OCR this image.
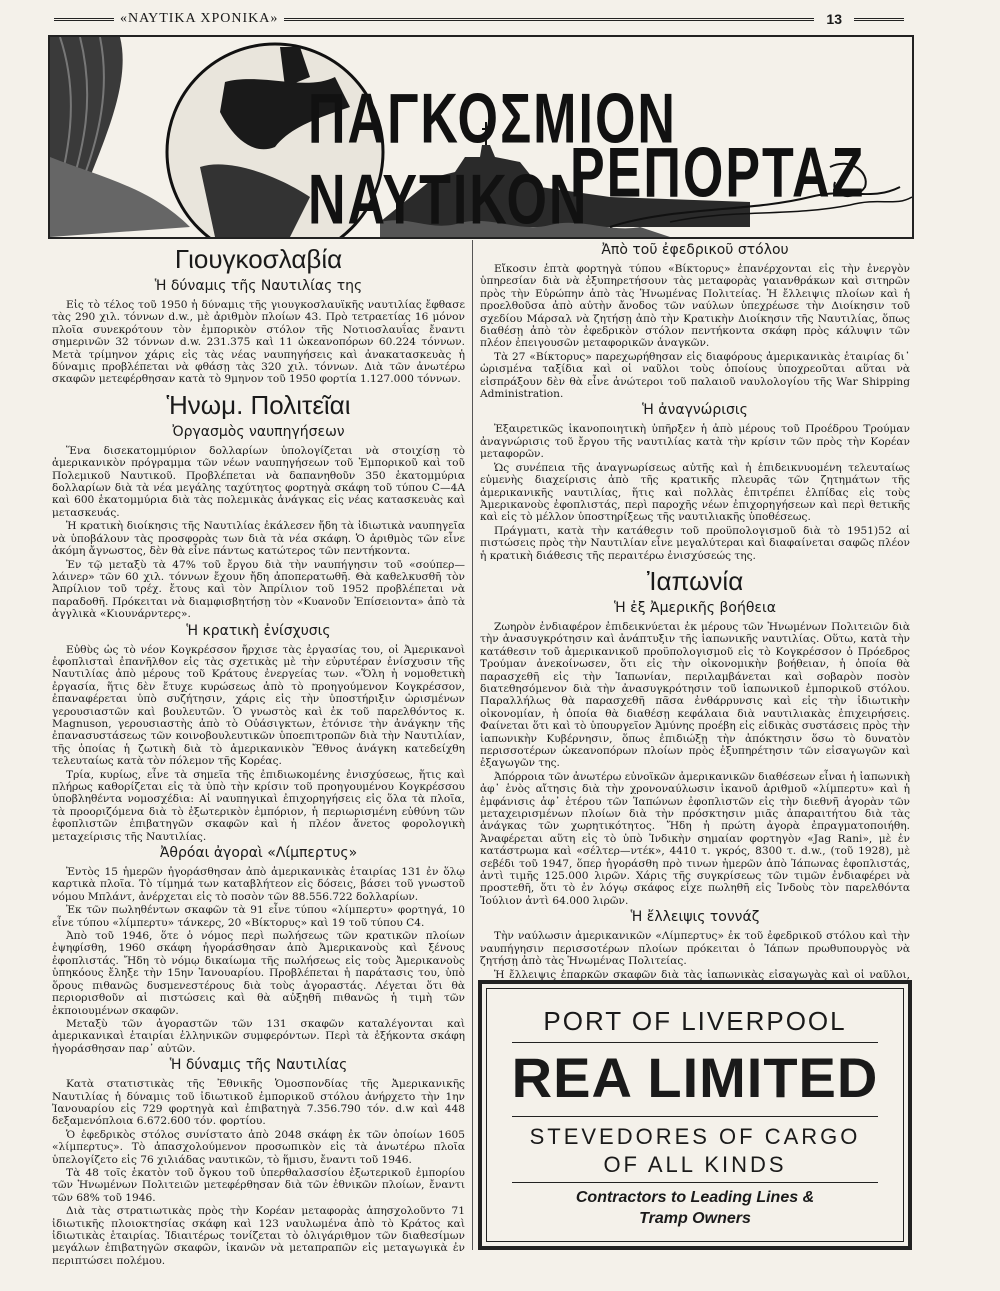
«ΝΑΥΤΙΚΑ ΧΡΟΝΙΚΑ»	13
ΠΑΓΚΟΣΜΙΟΝ ΝΑΥΤΙΚΟΝ
ΡΕΠΟΡΤΑΖ
Γιουγκοσλαβία
Ἡ δύναμις τῆς Ναυτιλίας της

Εἰς τὸ τέλος τοῦ 1950 ἡ δύναμις τῆς γιουγκοσλαυϊκῆς ναυτιλίας ἔφθασε τὰς 290 χιλ. τόννων d.w., μὲ ἀριθμὸν πλοίων 43. Πρὸ τετραετίας 16 μόνον πλοῖα συνεκρότουν τὸν ἐμπορικὸν στόλον τῆς Νοτιοσλαυΐας ἔναντι σημερινῶν 32 τόννων d.w. 231.375 καὶ 11 ὠκεανοπόρων 60.224 τόννων. Μετὰ τρίμηνον χάρις εἰς τὰς νέας ναυπηγήσεις καὶ ἀνακατασκευὰς ἡ δύναμις προβλέπεται νὰ φθάσῃ τὰς 320 χιλ. τόννων. Διὰ τῶν ἀνωτέρω σκαφῶν μετεφέρθησαν κατὰ τὸ 9μηνον τοῦ 1950 φορτία 1.127.000 τόννων.

Ἡνωμ. Πολιτεῖαι
Ὀργασμὸς ναυπηγήσεων

Ἕνα δισεκατομμύριον δολλαρίων ὑπολογίζεται νὰ στοιχίσῃ τὸ ἀμερικανικὸν πρόγραμμα τῶν νέων ναυπηγήσεων τοῦ Ἐμπορικοῦ καὶ τοῦ Πολεμικοῦ Ναυτικοῦ. Προβλέπεται νὰ δαπανηθοῦν 350 ἑκατομμύρια δολλαρίων διὰ τὰ νέα μεγάλης ταχύτητος φορτηγὰ σκάφη τοῦ τύπου C—4A καὶ 600 ἑκατομμύρια διὰ τὰς πολεμικὰς ἀνάγκας εἰς νέας κατασκευὰς καὶ μετασκευάς.

Ἡ κρατικὴ διοίκησις τῆς Ναυτιλίας ἐκάλεσεν ἤδη τὰ ἰδιωτικὰ ναυπηγεῖα νὰ ὑποβάλουν τὰς προσφορὰς των διὰ τὰ νέα σκάφη. Ὁ ἀριθμὸς τῶν εἶνε ἀκόμη ἄγνωστος, δὲν θὰ εἶνε πάντως κατώτερος τῶν πεντήκοντα.

Ἐν τῷ μεταξὺ τὰ 47% τοῦ ἔργου διὰ τὴν ναυπήγησιν τοῦ «σούπερ—λάινερ» τῶν 60 χιλ. τόννων ἔχουν ἤδη ἀποπερατωθῆ. Θὰ καθελκυσθῆ τὸν Ἀπρίλιον τοῦ τρέχ. ἔτους καὶ τὸν Ἀπρίλιον τοῦ 1952 προβλέπεται νὰ παραδοθῆ. Πρόκειται νὰ διαμφισβητήσῃ τὸν «Κυανοῦν Ἐπίσειοντα» ἀπὸ τὰ ἀγγλικὰ «Κιουνάρντερς».

Ἡ κρατικὴ ἐνίσχυσις

Εὐθὺς ὡς τὸ νέον Κογκρέσσον ἤρχισε τὰς ἐργασίας του, οἱ Ἀμερικανοὶ ἐφοπλισταὶ ἐπανῆλθον εἰς τὰς σχετικὰς μὲ τὴν εὐρυτέραν ἐνίσχυσιν τῆς Ναυτιλίας ἀπὸ μέρους τοῦ Κράτους ἐνεργείας των. «Ὅλη ἡ νομοθετικὴ ἐργασία, ἥτις δὲν ἔτυχε κυρώσεως ἀπὸ τὸ προηγούμενον Κογκρέσσον, ἐπαναφέρεται ὑπὸ συζήτησιν, χάρις εἰς τὴν ὑποστήριξιν ὡρισμένων γερουσιαστῶν καὶ βουλευτῶν. Ὁ γνωστὸς καὶ ἐκ τοῦ παρελθόντος κ. Magnuson, γερουσιαστὴς ἀπὸ τὸ Οὐάσιγκτων, ἐτόνισε τὴν ἀνάγκην τῆς ἐπανασυστάσεως τῶν κοινοβουλευτικῶν ὑποεπιτροπῶν διὰ τὴν Ναυτιλίαν, τῆς ὁποίας ἡ ζωτικὴ διὰ τὸ ἀμερικανικὸν Ἔθνος ἀνάγκη κατεδείχθη τελευταίως κατὰ τὸν πόλεμον τῆς Κορέας.

Τρία, κυρίως, εἶνε τὰ σημεῖα τῆς ἐπιδιωκομένης ἐνισχύσεως, ἥτις καὶ πλήρως καθορίζεται εἰς τὰ ὑπὸ τὴν κρίσιν τοῦ προηγουμένου Κογκρέσσου ὑποβληθέντα νομοσχέδια: Αἱ ναυπηγικαὶ ἐπιχορηγήσεις εἰς ὅλα τὰ πλοῖα, τὰ προοριζόμενα διὰ τὸ ἐξωτερικὸν ἐμπόριον, ἡ περιωρισμένη εὐθύνη τῶν ἐφοπλιστῶν ἐπιβατηγῶν σκαφῶν καὶ ἡ πλέον ἄνετος φορολογικὴ μεταχείρισις τῆς Ναυτιλίας.

Ἀθρόαι ἀγοραὶ «Λίμπερτυς»

Ἐντὸς 15 ἡμερῶν ἠγοράσθησαν ἀπὸ ἀμερικανικὰς ἑταιρίας 131 ἐν ὅλῳ καρτικὰ πλοῖα. Τὸ τίμημά των καταβλήτεον εἰς δόσεις, βάσει τοῦ γνωστοῦ νόμου Μπλάντ, ἀνέρχεται εἰς τὸ ποσὸν τῶν 88.556.722 δολλαρίων.

Ἐκ τῶν πωληθέντων σκαφῶν τὰ 91 εἶνε τύπου «λίμπερτυ» φορτηγά, 10 εἶνε τύπου «λίμπερτυ» τάνκερς, 20 «Βίκτορυς» καὶ 19 τοῦ τύπου C4.

Ἀπὸ τοῦ 1946, ὅτε ὁ νόμος περὶ πωλήσεως τῶν κρατικῶν πλοίων ἐψηφίσθη, 1960 σκάφη ἠγοράσθησαν ἀπὸ Ἀμερικανοὺς καὶ ξένους ἐφοπλιστάς. Ἤδη τὸ νόμῳ δικαίωμα τῆς πωλήσεως εἰς τοὺς Ἀμερικανοὺς ὑπηκόους ἔληξε τὴν 15ην Ἰανουαρίου. Προβλέπεται ἡ παράτασις του, ὑπὸ ὅρους πιθανῶς δυσμενεστέρους διὰ τοὺς ἀγοραστάς. Λέγεται ὅτι θὰ περιορισθοῦν αἱ πιστώσεις καὶ θὰ αὐξηθῆ πιθανῶς ἡ τιμὴ τῶν ἐκποιουμένων σκαφῶν.

Μεταξὺ τῶν ἀγοραστῶν τῶν 131 σκαφῶν καταλέγονται καὶ ἀμερικανικαὶ ἑταιρίαι ἑλληνικῶν συμφερόντων. Περὶ τὰ ἑξήκοντα σκάφη ἠγοράσθησαν παρ᾿ αὐτῶν.

Ἡ δύναμις τῆς Ναυτιλίας

Κατὰ στατιστικὰς τῆς Ἐθνικῆς Ὁμοσπονδίας τῆς Ἀμερικανικῆς Ναυτιλίας ἡ δύναμις τοῦ ἰδιωτικοῦ ἐμπορικοῦ στόλου ἀνήρχετο τὴν 1ην Ἰανουαρίου εἰς 729 φορτηγὰ καὶ ἐπιβατηγὰ 7.356.790 τόν. d.w καὶ 448 δεξαμενόπλοια 6.672.600 τόν. φορτίου.

Ὁ ἐφεδρικὸς στόλος συνίστατο ἀπὸ 2048 σκάφη ἐκ τῶν ὁποίων 1605 «λίμπερτυς». Τὸ ἀπασχολούμενον προσωπικὸν εἰς τὰ ἀνωτέρω πλοῖα ὑπελογίζετο εἰς 76 χιλιάδας ναυτικῶν, τὸ ἥμισυ, ἔναντι τοῦ 1946.

Τὰ 48 τοῖς ἑκατὸν τοῦ ὄγκου τοῦ ὑπερθαλασσίου ἐξωτερικοῦ ἐμπορίου τῶν Ἡνωμένων Πολιτειῶν μετεφέρθησαν διὰ τῶν ἐθνικῶν πλοίων, ἔναντι τῶν 68% τοῦ 1946.

Διὰ τὰς στρατιωτικὰς πρὸς τὴν Κορέαν μεταφορὰς ἀπησχολοῦντο 71 ἰδιωτικῆς πλοιοκτησίας σκάφη καὶ 123 ναυλωμένα ἀπὸ τὸ Κράτος καὶ ἰδιωτικὰς ἑταιρίας. Ἰδιαιτέρως τονίζεται τὸ ὀλιγάριθμον τῶν διαθεσίμων μεγάλων ἐπιβατηγῶν σκαφῶν, ἱκανῶν νὰ μεταπραπῶν εἰς μεταγωγικὰ ἐν περιπτώσει πολέμου.

Ἀπὸ τοῦ ἐφεδρικοῦ στόλου

Εἴκοσιν ἑπτὰ φορτηγὰ τύπου «Βίκτορυς» ἐπανέρχονται εἰς τὴν ἐνεργὸν ὑπηρεσίαν διὰ νὰ ἐξυπηρετήσουν τὰς μεταφορὰς γαιανθράκων καὶ σιτηρῶν πρὸς τὴν Εὐρώπην ἀπὸ τὰς Ἡνωμένας Πολιτείας. Ἡ ἔλλειψις πλοίων καὶ ἡ προελθοῦσα ἀπὸ αὐτὴν ἄνοδος τῶν ναύλων ὑπεχρέωσε τὴν Διοίκησιν τοῦ σχεδίου Μάρσαλ νὰ ζητήσῃ ἀπὸ τὴν Κρατικὴν Διοίκησιν τῆς Ναυτιλίας, ὅπως διαθέσῃ ἀπὸ τὸν ἐφεδρικὸν στόλον πεντήκοντα σκάφη πρὸς κάλυψιν τῶν πλέον ἐπειγουσῶν μεταφορικῶν ἀναγκῶν.

Τὰ 27 «Βίκτορυς» παρεχωρήθησαν εἰς διαφόρους ἀμερικανικὰς ἑταιρίας δι᾿ ὡρισμένα ταξίδια καὶ οἱ ναῦλοι τοὺς ὁποίους ὑποχρεοῦται αὕται νὰ εἰσπράξουν δὲν θὰ εἶνε ἀνώτεροι τοῦ παλαιοῦ ναυλολογίου τῆς War Shipping Administration.

Ἡ ἀναγνώρισις

Ἐξαιρετικῶς ἱκανοποιητικὴ ὑπῆρξεν ἡ ἀπὸ μέρους τοῦ Προέδρου Τρούμαν ἀναγνώρισις τοῦ ἔργου τῆς ναυτιλίας κατὰ τὴν κρίσιν τῶν πρὸς τὴν Κορέαν μεταφορῶν.

Ὡς συνέπεια τῆς ἀναγνωρίσεως αὐτῆς καὶ ἡ ἐπιδεικνυομένη τελευταίως εὐμενὴς διαχείρισις ἀπὸ τῆς κρατικῆς πλευρᾶς τῶν ζητημάτων τῆς ἀμερικανικῆς ναυτιλίας, ἥτις καὶ πολλὰς ἐπιτρέπει ἐλπίδας εἰς τοὺς Ἀμερικανοὺς ἐφοπλιστάς, περὶ παροχῆς νέων ἐπιχορηγήσεων καὶ περὶ θετικῆς καὶ εἰς τὸ μέλλον ὑποστηρίξεως τῆς ναυτιλιακῆς ὑποθέσεως.

Πράγματι, κατὰ τὴν κατάθεσιν τοῦ προϋπολογισμοῦ διὰ τὸ 1951)52 αἱ πιστώσεις πρὸς τὴν Ναυτιλίαν εἶνε μεγαλύτεραι καὶ διαφαίνεται σαφῶς πλέον ἡ κρατικὴ διάθεσις τῆς περαιτέρω ἐνισχύσεώς της.

Ἰαπωνία
Ἡ ἐξ Ἀμερικῆς βοήθεια

Ζωηρὸν ἐνδιαφέρον ἐπιδεικνύεται ἐκ μέρους τῶν Ἡνωμένων Πολιτειῶν διὰ τὴν ἀνασυγκρότησιν καὶ ἀνάπτυξιν τῆς ἰαπωνικῆς ναυτιλίας. Οὕτω, κατὰ τὴν κατάθεσιν τοῦ ἀμερικανικοῦ προϋπολογισμοῦ εἰς τὸ Κογκρέσσον ὁ Πρόεδρος Τρούμαν ἀνεκοίνωσεν, ὅτι εἰς τὴν οἰκονομικὴν βοήθειαν, ἡ ὁποία θὰ παρασχεθῆ εἰς τὴν Ἰαπωνίαν, περιλαμβάνεται καὶ σοβαρὸν ποσὸν διατεθησόμενον διὰ τὴν ἀνασυγκρότησιν τοῦ ἰαπωνικοῦ ἐμπορικοῦ στόλου. Παραλλήλως θὰ παρασχεθῆ πᾶσα ἐνθάρρυνσις καὶ εἰς τὴν ἰδιωτικὴν οἰκονομίαν, ἡ ὁποία θὰ διαθέσῃ κεφάλαια διὰ ναυτιλιακὰς ἐπιχειρήσεις. Φαίνεται ὅτι καὶ τὸ ὑπουργεῖον Ἀμύνης προέβη εἰς εἰδικὰς συστάσεις πρὸς τὴν ἰαπωνικὴν Κυβέρνησιν, ὅπως ἐπιδιώξῃ τὴν ἀπόκτησιν ὅσω τὸ δυνατὸν περισσοτέρων ὠκεανοπόρων πλοίων πρὸς ἐξυπηρέτησιν τῶν εἰσαγωγῶν καὶ ἐξαγωγῶν της.

Ἀπόρροια τῶν ἀνωτέρω εὐνοϊκῶν ἀμερικανικῶν διαθέσεων εἶναι ἡ ἰαπωνικὴ ἀφ᾿ ἑνὸς αἴτησις διὰ τὴν χρονοναύλωσιν ἱκανοῦ ἀριθμοῦ «λίμπερτυ» καὶ ἡ ἐμφάνισις ἀφ᾿ ἑτέρου τῶν Ἰαπώνων ἐφοπλιστῶν εἰς τὴν διεθνῆ ἀγορὰν τῶν μεταχειρισμένων πλοίων διὰ τὴν πρόσκτησιν μιᾶς ἀπαραιτήτου διὰ τὰς ἀνάγκας τῶν χωρητικότητος. Ἤδη ἡ πρώτη ἀγορὰ ἐπραγματοποιήθη. Ἀναφέρεται αὕτη εἰς τὸ ὑπὸ Ἰνδικὴν σημαίαν φορτηγὸν «Jag Rani», μὲ ἐν κατάστρωμα καὶ «σέλτερ—ντέκ», 4410 τ. γκρός, 8300 τ. d.w., (τοῦ 1928), μὲ σεβέδι τοῦ 1947, ὅπερ ἠγοράσθη πρὸ τινων ἡμερῶν ἀπὸ Ἰάπωνας ἐφοπλιστάς, ἀντὶ τιμῆς 125.000 λιρῶν. Χάρις τῆς συγκρίσεως τῶν τιμῶν ἐνδιαφέρει νὰ προστεθῆ, ὅτι τὸ ἐν λόγῳ σκάφος εἶχε πωληθῆ εἰς Ἰνδοὺς τὸν παρελθόντα Ἰούλιον ἀντὶ 64.000 λιρῶν.

Ἡ ἔλλειψις τοννάζ

Τὴν ναύλωσιν ἀμερικανικῶν «Λίμπερτυς» ἐκ τοῦ ἐφεδρικοῦ στόλου καὶ τὴν ναυπήγησιν περισσοτέρων πλοίων πρόκειται ὁ Ἰάπων πρωθυπουργὸς νὰ ζητήσῃ ἀπὸ τὰς Ἡνωμένας Πολιτείας.

Ἡ ἔλλειψις ἐπαρκῶν σκαφῶν διὰ τὰς ἰαπωνικὰς εἰσαγωγὰς καὶ οἱ ναῦλοι,

PORT OF LIVERPOOL
REA LIMITED
STEVEDORES OF CARGO
OF ALL KINDS
Contractors to Leading Lines &
Tramp Owners
